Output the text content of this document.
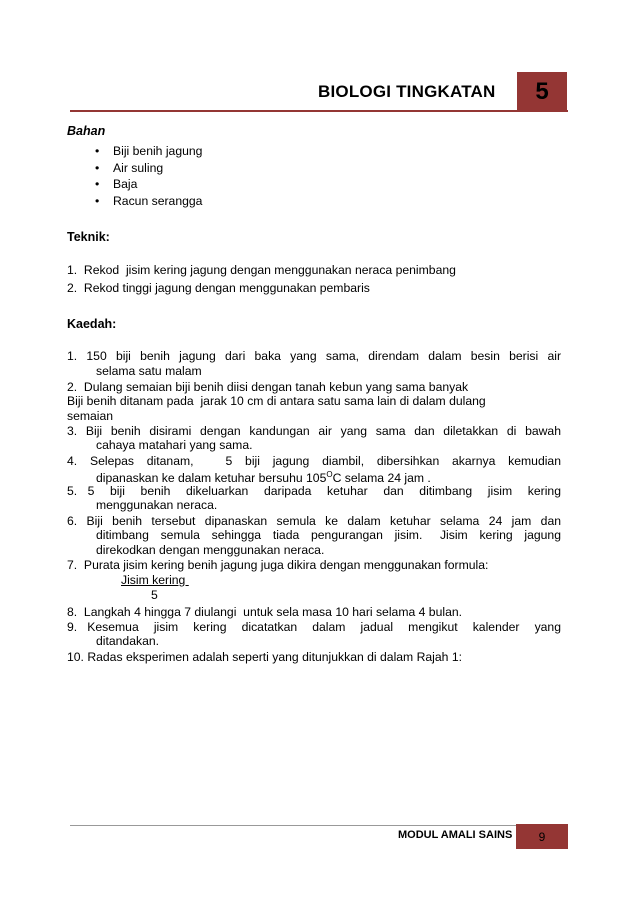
BIOLOGI TINGKATAN 5
Bahan
• Biji benih jagung
• Air suling
• Baja
• Racun serangga
Teknik:
1.  Rekod  jisim kering jagung dengan menggunakan neraca penimbang
2.  Rekod tinggi jagung dengan menggunakan pembaris
Kaedah:
1.  150  biji  benih  jagung  dari  baka  yang  sama,  direndam  dalam  besin  berisi  air
selama satu malam
2.  Dulang semaian biji benih diisi dengan tanah kebun yang sama banyak
Biji benih ditanam pada  jarak 10 cm di antara satu sama lain di dalam dulang
semaian
3.  Biji  benih  disirami  dengan  kandungan  air  yang  sama  dan  diletakkan  di  bawah
cahaya matahari yang sama.
4.  Selepas  ditanam,     5  biji  jagung  diambil,  dibersihkan  akarnya  kemudian
dipanaskan ke dalam ketuhar bersuhu $105^OC$ selama 24 jam .
5.  5   biji   benih   dikeluarkan   daripada   ketuhar   dan   ditimbang   jisim   kering
menggunakan neraca.
6.  Biji  benih  tersebut  dipanaskan  semula  ke  dalam  ketuhar  selama  24  jam  dan
ditimbang  semula  sehingga  tiada  pengurangan  jisim.   Jisim  kering  jagung
direkodkan dengan menggunakan neraca.
7.  Purata jisim kering benih jagung juga dikira dengan menggunakan formula:
Jisim kering
5
8.  Langkah 4 hingga 7 diulangi  untuk sela masa 10 hari selama 4 bulan.
9.  Kesemua   jisim   kering   dicatatkan   dalam   jadual   mengikut   kalender   yang
ditandakan.
10. Radas eksperimen adalah seperti yang ditunjukkan di dalam Rajah 1:
MODUL AMALI SAINS 9
